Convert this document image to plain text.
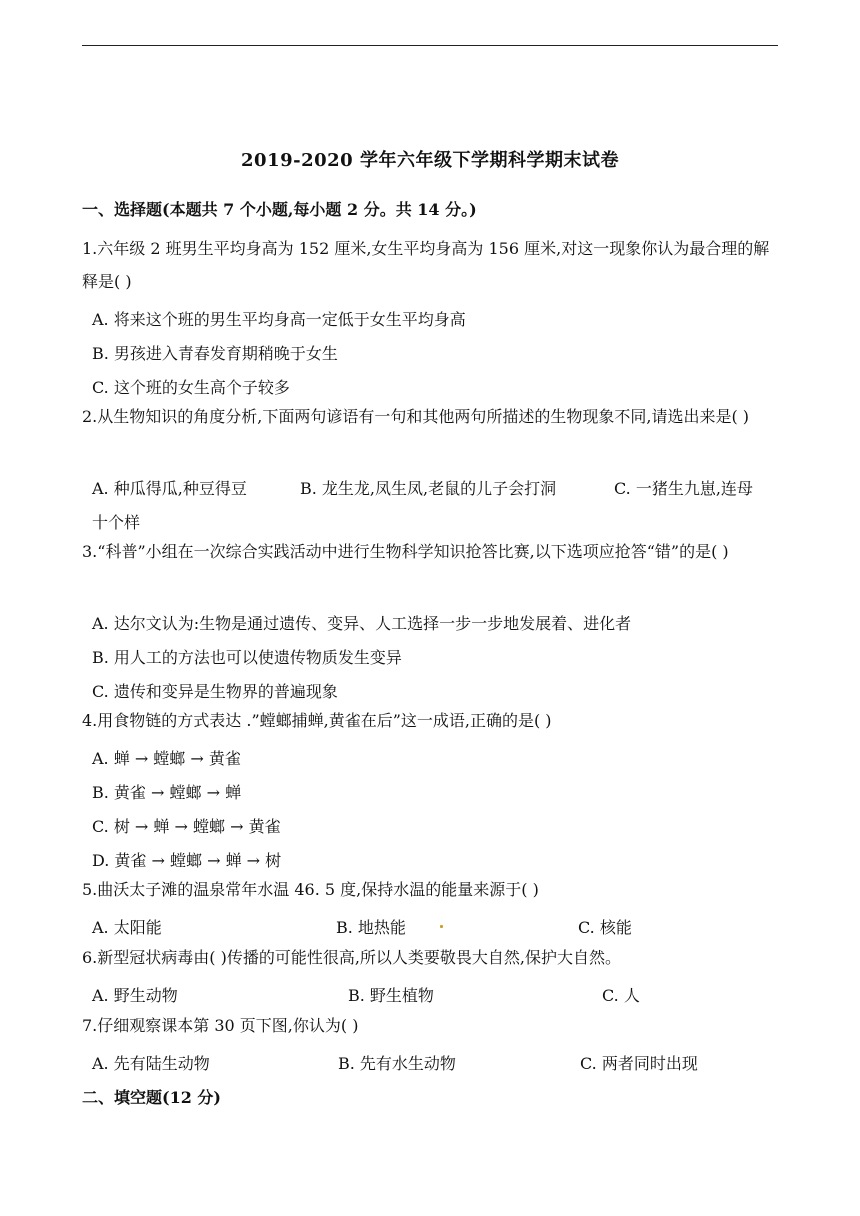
2019-2020 学年六年级下学期科学期末试卷
一、选择题(本题共 7 个小题,每小题 2 分。共 14 分。)
1.六年级 2 班男生平均身高为 152 厘米,女生平均身高为 156 厘米,对这一现象你认为最合理的解释是( )
A. 将来这个班的男生平均身高一定低于女生平均身高
B. 男孩进入青春发育期稍晚于女生
C. 这个班的女生高个子较多
2.从生物知识的角度分析,下面两句谚语有一句和其他两句所描述的生物现象不同,请选出来是( )
A. 种瓜得瓜,种豆得豆	B. 龙生龙,凤生凤,老鼠的儿子会打洞	C. 一猪生九崽,连母
十个样
3.“科普”小组在一次综合实践活动中进行生物科学知识抢答比赛,以下选项应抢答“错”的是( )
A. 达尔文认为:生物是通过遗传、变异、人工选择一步一步地发展着、进化者
B. 用人工的方法也可以使遗传物质发生变异
C. 遗传和变异是生物界的普遍现象
4.用食物链的方式表达 .”螳螂捕蝉,黄雀在后”这一成语,正确的是( )
A. 蝉 → 螳螂 → 黄雀
B. 黄雀 → 螳螂 → 蝉
C. 树 → 蝉 → 螳螂 → 黄雀
D. 黄雀 → 螳螂 → 蝉 → 树
5.曲沃太子滩的温泉常年水温 46. 5 度,保持水温的能量来源于( )
A. 太阳能	B. 地热能	C. 核能
6.新型冠状病毒由( )传播的可能性很高,所以人类要敬畏大自然,保护大自然。
A. 野生动物	B. 野生植物	C. 人
7.仔细观察课本第 30 页下图,你认为( )
A. 先有陆生动物	B. 先有水生动物	C. 两者同时出现
二、填空题(12 分)
